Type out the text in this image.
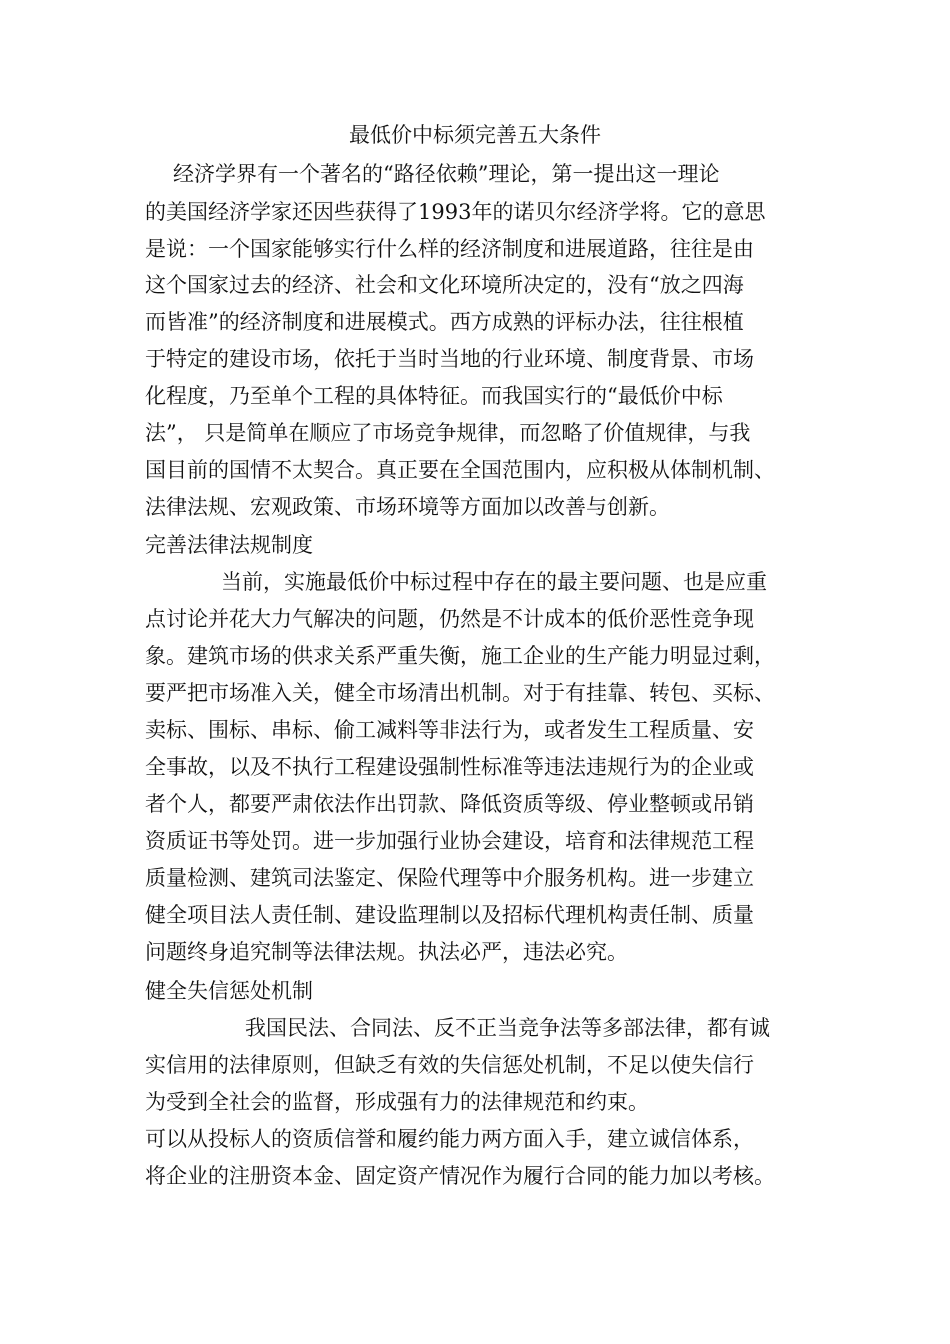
最低价中标须完善五大条件

经济学界有一个著名的“路径依赖”理论，第一提出这一理论

的美国经济学家还因些获得了1993年的诺贝尔经济学将。它的意思

是说：一个国家能够实行什么样的经济制度和进展道路，往往是由

这个国家过去的经济、社会和文化环境所决定的，没有“放之四海

而皆准”的经济制度和进展模式。西方成熟的评标办法，往往根植

于特定的建设市场，依托于当时当地的行业环境、制度背景、市场

化程度，乃至单个工程的具体特征。而我国实行的“最低价中标

法”， 只是简单在顺应了市场竞争规律，而忽略了价值规律，与我

国目前的国情不太契合。真正要在全国范围内，应积极从体制机制、

法律法规、宏观政策、市场环境等方面加以改善与创新。

完善法律法规制度

当前，实施最低价中标过程中存在的最主要问题、也是应重

点讨论并花大力气解决的问题，仍然是不计成本的低价恶性竞争现

象。建筑市场的供求关系严重失衡，施工企业的生产能力明显过剩，

要严把市场准入关，健全市场清出机制。对于有挂靠、转包、买标、

卖标、围标、串标、偷工减料等非法行为，或者发生工程质量、安

全事故，以及不执行工程建设强制性标准等违法违规行为的企业或

者个人，都要严肃依法作出罚款、降低资质等级、停业整顿或吊销

资质证书等处罚。进一步加强行业协会建设，培育和法律规范工程

质量检测、建筑司法鉴定、保险代理等中介服务机构。进一步建立

健全项目法人责任制、建设监理制以及招标代理机构责任制、质量

问题终身追究制等法律法规。执法必严，违法必究。

健全失信惩处机制

我国民法、合同法、反不正当竞争法等多部法律，都有诚

实信用的法律原则，但缺乏有效的失信惩处机制，不足以使失信行

为受到全社会的监督，形成强有力的法律规范和约束。

可以从投标人的资质信誉和履约能力两方面入手，建立诚信体系，

将企业的注册资本金、固定资产情况作为履行合同的能力加以考核。
